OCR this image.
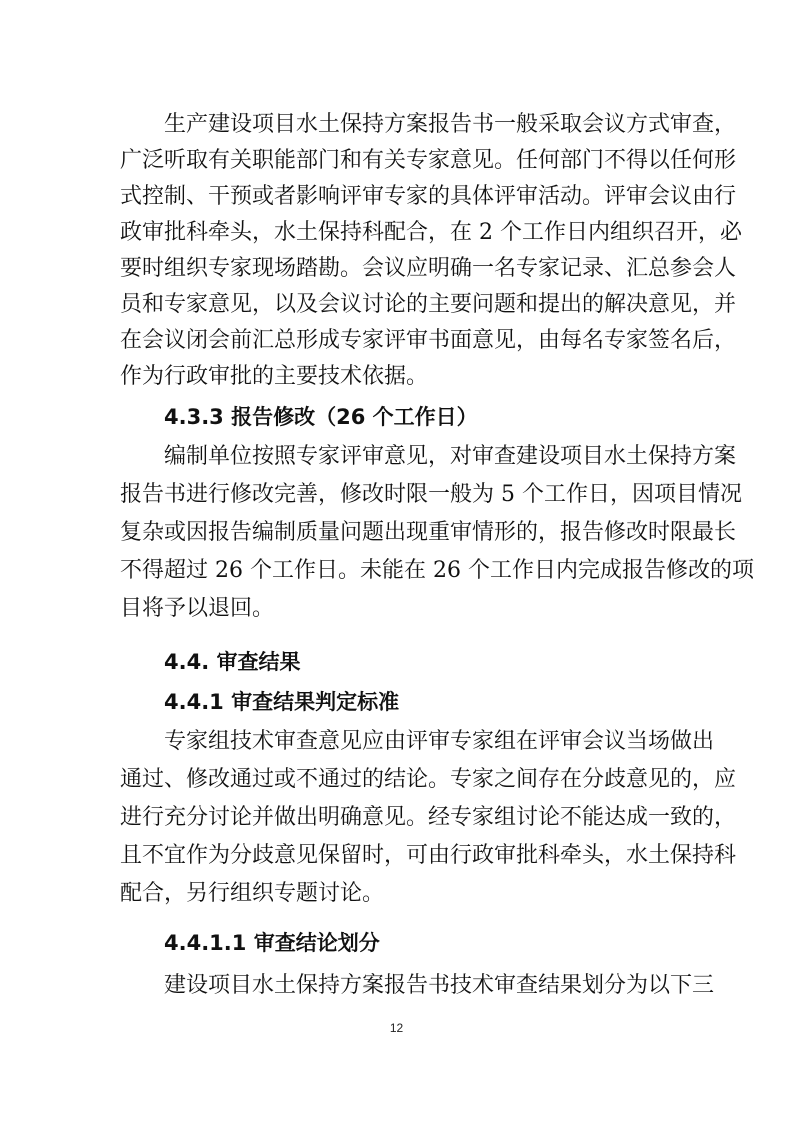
生产建设项目水土保持方案报告书一般采取会议方式审查，
广泛听取有关职能部门和有关专家意见。任何部门不得以任何形
式控制、干预或者影响评审专家的具体评审活动。评审会议由行
政审批科牵头，水土保持科配合，在 2 个工作日内组织召开，必
要时组织专家现场踏勘。会议应明确一名专家记录、汇总参会人
员和专家意见，以及会议讨论的主要问题和提出的解决意见，并
在会议闭会前汇总形成专家评审书面意见，由每名专家签名后，
作为行政审批的主要技术依据。
4.3.3 报告修改（26 个工作日）
编制单位按照专家评审意见，对审查建设项目水土保持方案
报告书进行修改完善，修改时限一般为 5 个工作日，因项目情况
复杂或因报告编制质量问题出现重审情形的，报告修改时限最长
不得超过 26 个工作日。未能在 26 个工作日内完成报告修改的项
目将予以退回。
4.4. 审查结果
4.4.1 审查结果判定标准
专家组技术审查意见应由评审专家组在评审会议当场做出
通过、修改通过或不通过的结论。专家之间存在分歧意见的，应
进行充分讨论并做出明确意见。经专家组讨论不能达成一致的，
且不宜作为分歧意见保留时，可由行政审批科牵头，水土保持科
配合，另行组织专题讨论。
4.4.1.1 审查结论划分
建设项目水土保持方案报告书技术审查结果划分为以下三
12
